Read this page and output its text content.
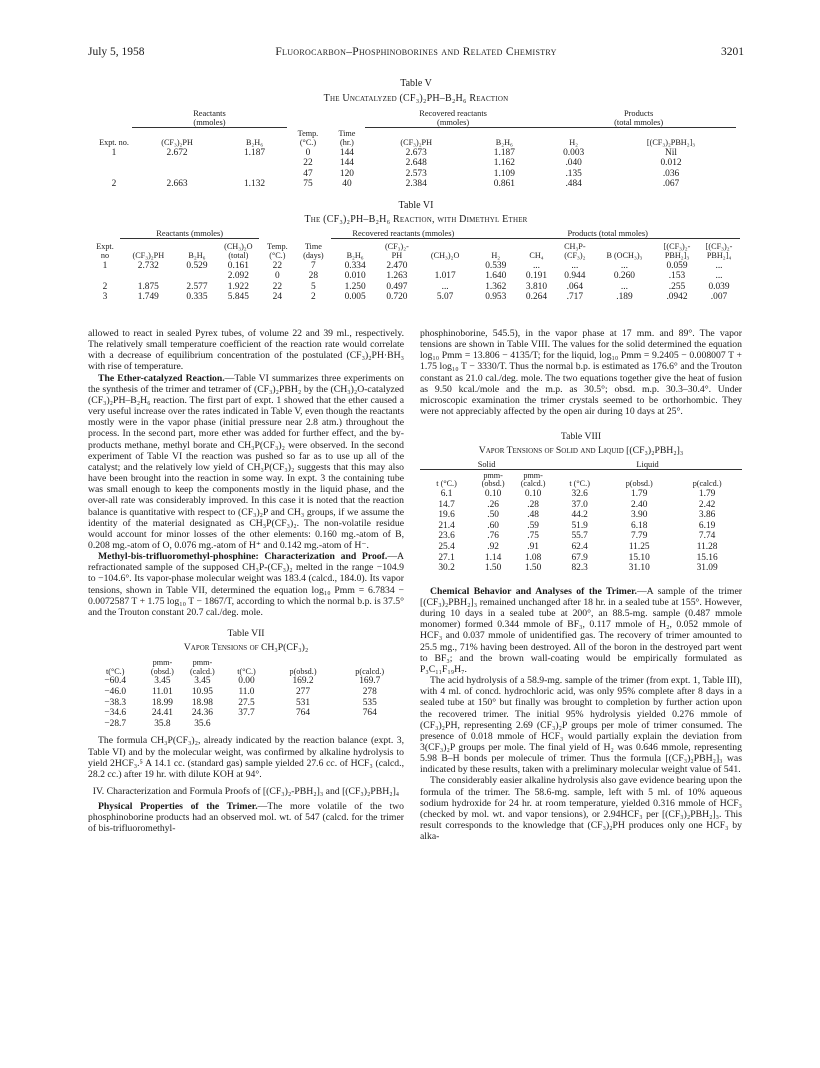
July 5, 1958	Fluorocarbon–Phosphinoborines and Related Chemistry	3201
Table V
The Uncatalyzed (CF₃)₂PH–B₂H₆ Reaction
	Reactants				Recovered reactants		Products	
	(mmoles)				(mmoles)		(total mmoles)	
Expt. no.	(CF₃)₂PH	B₂H₆	Temp. (°C.)	Time (hr.)	(CF₃)₂PH	B₂H₆	H₂	[(CF₃)₂PBH₂]₃
1	2.672	1.187	0	144	2.673	1.187	0.003	Nil
			22	144	2.648	1.162	.040	0.012
			47	120	2.573	1.109	.135	.036
2	2.663	1.132	75	40	2.384	0.861	.484	.067
Table VI
The (CF₃)₂PH–B₂H₆ Reaction, with Dimethyl Ether
	Reactants (mmoles)					Recovered reactants (mmoles)			Products (total mmoles)					
Expt. no	(CF₃)₂PH	B₂H₆	(CH₃)₂O (total)	Temp. (°C.)	Time (days)	B₂H₆	(CF₃)₂-PH	(CH₃)₂O	H₂	CH₄	CH₃P-(CF₃)₂	B (OCH₃)₃	[(CF₃)₂-PBH₂]₃	[(CF₃)₂-PBH₂]₄
1	2.732	0.529	0.161	22	7	0.334	2.470		0.539	...	...	...	0.059	...
			2.092	0	28	0.010	1.263	1.017	1.640	0.191	0.944	0.260	.153	...
2	1.875	2.577	1.922	22	5	1.250	0.497	...	1.362	3.810	.064	...	.255	0.039
3	1.749	0.335	5.845	24	2	0.005	0.720	5.07	0.953	0.264	.717	.189	.0942	.007

allowed to react in sealed Pyrex tubes, of volume 22 and 39 ml., respectively. The relatively small temperature coefficient of the reaction rate would correlate with a decrease of equilibrium concentration of the postulated (CF₃)₂PH·BH₃ with rise of temperature.

The Ether-catalyzed Reaction.—Table VI summarizes three experiments on the synthesis of the trimer and tetramer of (CF₃)₂PBH₂ by the (CH₃)₂O-catalyzed (CF₃)₂PH–B₂H₆ reaction. The first part of expt. 1 showed that the ether caused a very useful increase over the rates indicated in Table V, even though the reactants mostly were in the vapor phase (initial pressure near 2.8 atm.) throughout the process. In the second part, more ether was added for further effect, and the by-products methane, methyl borate and CH₃P(CF₃)₂ were observed. In the second experiment of Table VI the reaction was pushed so far as to use up all of the catalyst; and the relatively low yield of CH₃P(CF₃)₂ suggests that this may also have been brought into the reaction in some way. In expt. 3 the containing tube was small enough to keep the components mostly in the liquid phase, and the over-all rate was considerably improved. In this case it is noted that the reaction balance is quantitative with respect to (CF₃)₂P and CH₃ groups, if we assume the identity of the material designated as CH₃P(CF₃)₂. The non-volatile residue would account for minor losses of the other elements: 0.160 mg.-atom of B, 0.208 mg.-atom of O, 0.076 mg.-atom of H⁺ and 0.142 mg.-atom of H⁻.

Methyl-bis-trifluoromethyl-phosphine: Characterization and Proof.—A refractionated sample of the supposed CH₃P-(CF₃)₂ melted in the range −104.9 to −104.6°. Its vapor-phase molecular weight was 183.4 (calcd., 184.0). Its vapor tensions, shown in Table VII, determined the equation log₁₀ Pmm = 6.7834 − 0.0072587 T + 1.75 log₁₀ T − 1867/T, according to which the normal b.p. is 37.5° and the Trouton constant 20.7 cal./deg. mole.

Table VII
Vapor Tensions of CH₃P(CF₃)₂
t(°C.)	pmm- (obsd.)	pmm- (calcd.)	t(°C.)	p(obsd.)	p(calcd.)
−60.4	3.45	3.45	0.00	169.2	169.7
−46.0	11.01	10.95	11.0	277	278
−38.3	18.99	18.98	27.5	531	535
−34.6	24.41	24.36	37.7	764	764
−28.7	35.8	35.6			

The formula CH₃P(CF₃)₂, already indicated by the reaction balance (expt. 3, Table VI) and by the molecular weight, was confirmed by alkaline hydrolysis to yield 2HCF₃.⁵ A 14.1 cc. (standard gas) sample yielded 27.6 cc. of HCF₃ (calcd., 28.2 cc.) after 19 hr. with dilute KOH at 94°.

IV. Characterization and Formula Proofs of [(CF₃)₂-PBH₂]₃ and [(CF₃)₂PBH₂]₄

Physical Properties of the Trimer.—The more volatile of the two phosphinoborine products had an observed mol. wt. of 547 (calcd. for the trimer of bis-trifluoromethyl-

phosphinoborine, 545.5), in the vapor phase at 17 mm. and 89°. The vapor tensions are shown in Table VIII. The values for the solid determined the equation log₁₀ Pmm = 13.806 − 4135/T; for the liquid, log₁₀ Pmm = 9.2405 − 0.008007 T + 1.75 log₁₀ T − 3330/T. Thus the normal b.p. is estimated as 176.6° and the Trouton constant as 21.0 cal./deg. mole. The two equations together give the heat of fusion as 9.50 kcal./mole and the m.p. as 30.5°; obsd. m.p. 30.3–30.4°. Under microscopic examination the trimer crystals seemed to be orthorhombic. They were not appreciably affected by the open air during 10 days at 25°.

Table VIII
Vapor Tensions of Solid and Liquid [(CF₃)₂PBH₂]₃
Solid			Liquid		
t (°C.)	pmm- (obsd.)	pmm- (calcd.)	t (°C.)	p(obsd.)	p(calcd.)
6.1	0.10	0.10	32.6	1.79	1.79
14.7	.26	.28	37.0	2.40	2.42
19.6	.50	.48	44.2	3.90	3.86
21.4	.60	.59	51.9	6.18	6.19
23.6	.76	.75	55.7	7.79	7.74
25.4	.92	.91	62.4	11.25	11.28
27.1	1.14	1.08	67.9	15.10	15.16
30.2	1.50	1.50	82.3	31.10	31.09

Chemical Behavior and Analyses of the Trimer.—A sample of the trimer [(CF₃)₂PBH₂]₃ remained unchanged after 18 hr. in a sealed tube at 155°. However, during 10 days in a sealed tube at 200°, an 88.5-mg. sample (0.487 mmole monomer) formed 0.344 mmole of BF₃, 0.117 mmole of H₂, 0.052 mmole of HCF₃ and 0.037 mmole of unidentified gas. The recovery of trimer amounted to 25.5 mg., 71% having been destroyed. All of the boron in the destroyed part went to BF₃; and the brown wall-coating would be empirically formulated as P₃C₁₁F₁₉H₇.

The acid hydrolysis of a 58.9-mg. sample of the trimer (from expt. 1, Table III), with 4 ml. of concd. hydrochloric acid, was only 95% complete after 8 days in a sealed tube at 150° but finally was brought to completion by further action upon the recovered trimer. The initial 95% hydrolysis yielded 0.276 mmole of (CF₃)₂PH, representing 2.69 (CF₃)₂P groups per mole of trimer consumed. The presence of 0.018 mmole of HCF₃ would partially explain the deviation from 3(CF₃)₂P groups per mole. The final yield of H₂ was 0.646 mmole, representing 5.98 B–H bonds per molecule of trimer. Thus the formula [(CF₃)₂PBH₂]₃ was indicated by these results, taken with a preliminary molecular weight value of 541.

The considerably easier alkaline hydrolysis also gave evidence bearing upon the formula of the trimer. The 58.6-mg. sample, left with 5 ml. of 10% aqueous sodium hydroxide for 24 hr. at room temperature, yielded 0.316 mmole of HCF₃ (checked by mol. wt. and vapor tensions), or 2.94HCF₃ per [(CF₃)₂PBH₂]₃. This result corresponds to the knowledge that (CF₃)₂PH produces only one HCF₃ by alka-
